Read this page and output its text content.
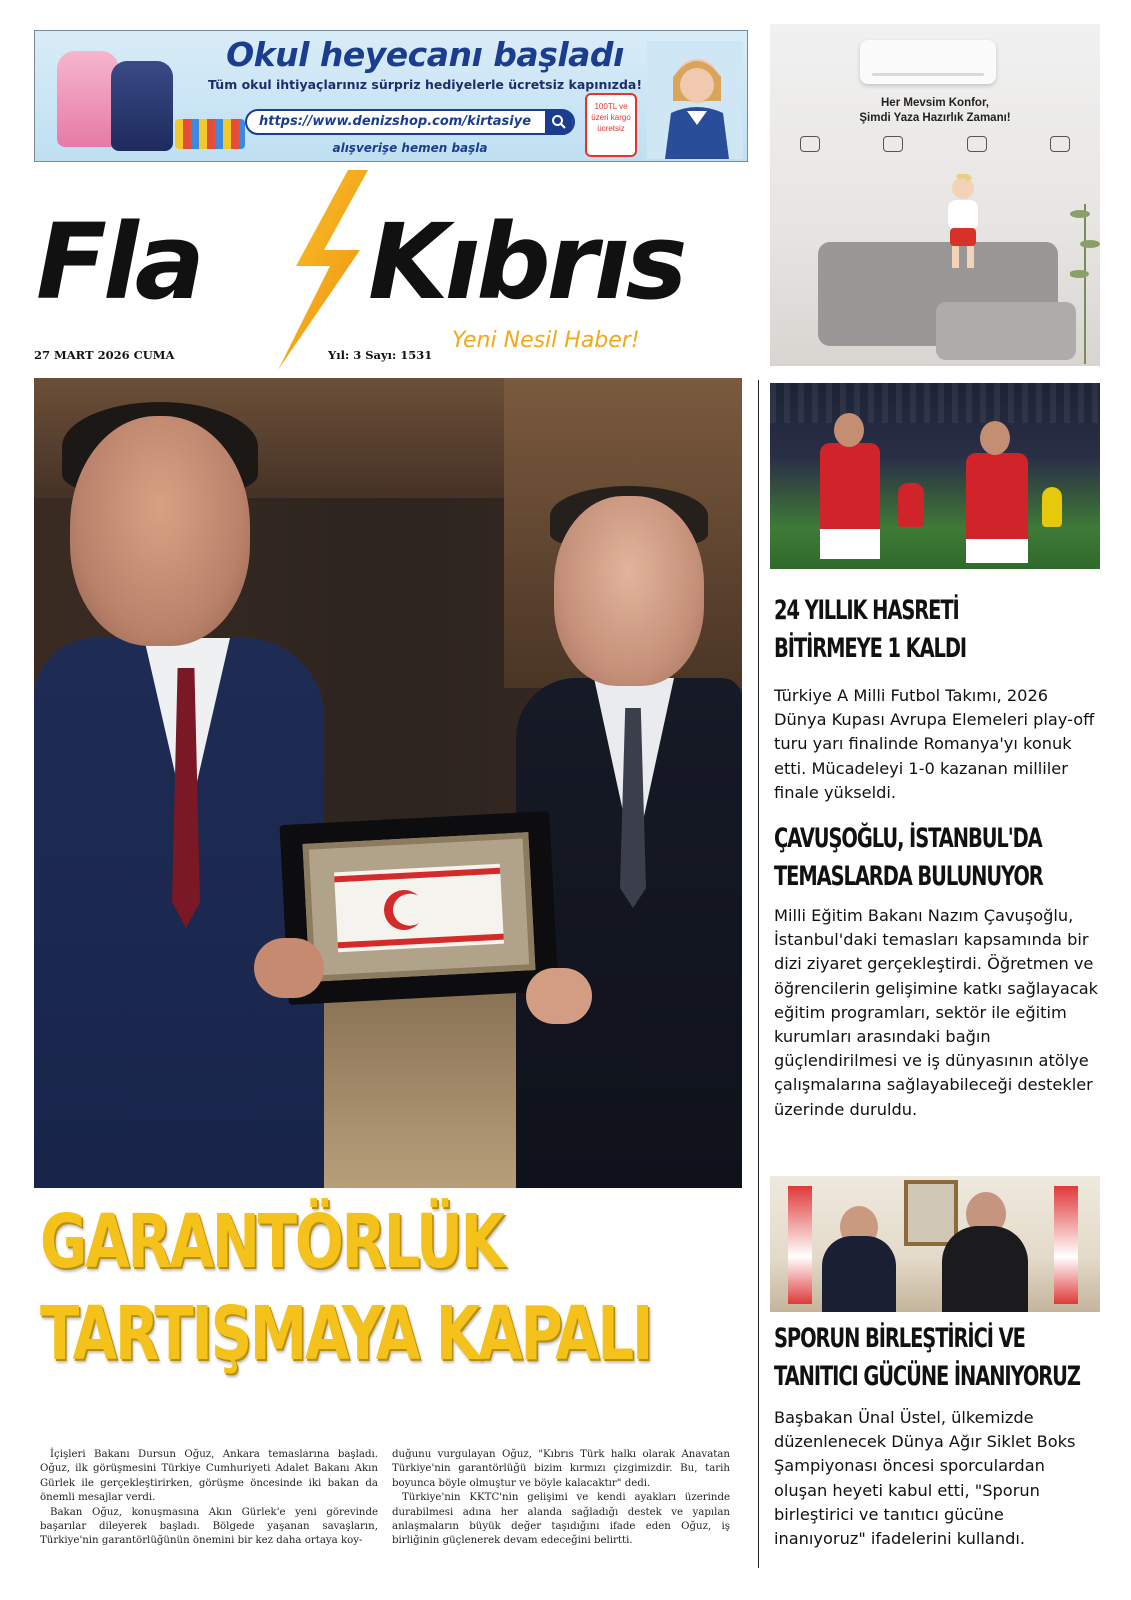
Okul heyecanı başladı
Tüm okul ihtiyaçlarınız sürpriz hediyelerle ücretsiz kapınızda!
https://www.denizshop.com/kirtasiye
alışverişe hemen başla
100TL ve üzeri kargo ücretsiz
Her Mevsim Konfor,
Şimdi Yaza Hazırlık Zamanı!
Fla Kıbrıs
Yeni Nesil Haber!
27 MART 2026 CUMA	Yıl: 3 Sayı: 1531
GARANTÖRLÜK
TARTIŞMAYA KAPALI

İçişleri Bakanı Dursun Oğuz, Ankara temaslarına başladı. Oğuz, ilk görüşmesini Türkiye Cumhuriyeti Adalet Bakanı Akın Gürlek ile gerçekleştirirken, görüşme öncesinde iki bakan da önemli mesajlar verdi.

Bakan Oğuz, konuşmasına Akın Gürlek'e yeni görevinde başarılar dileyerek başladı. Bölgede yaşanan savaşların, Türkiye'nin garantörlüğünün önemini bir kez daha ortaya koy-

duğunu vurgulayan Oğuz, "Kıbrıs Türk halkı olarak Anavatan Türkiye'nin garantörlüğü bizim kırmızı çizgimizdir. Bu, tarih boyunca böyle olmuştur ve böyle kalacaktır" dedi.

Türkiye'nin KKTC'nin gelişimi ve kendi ayakları üzerinde durabilmesi adına her alanda sağladığı destek ve yapılan anlaşmaların büyük değer taşıdığını ifade eden Oğuz, iş birliğinin güçlenerek devam edeceğini belirtti.

24 YILLIK HASRETİ
BİTİRMEYE 1 KALDI
Türkiye A Milli Futbol Takımı, 2026 Dünya Kupası Avrupa Elemeleri play-off turu yarı finalinde Romanya'yı konuk etti. Mücadeleyi 1-0 kazanan milliler finale yükseldi.
ÇAVUŞOĞLU, İSTANBUL'DA
TEMASLARDA BULUNUYOR
Milli Eğitim Bakanı Nazım Çavuşoğlu, İstanbul'daki temasları kapsamında bir dizi ziyaret gerçekleştirdi. Öğretmen ve öğrencilerin gelişimine katkı sağlayacak eğitim programları, sektör ile eğitim kurumları arasındaki bağın güçlendirilmesi ve iş dünyasının atölye çalışmalarına sağlayabileceği destekler üzerinde duruldu.
SPORUN BİRLEŞTİRİCİ VE
TANITICI GÜCÜNE İNANIYORUZ
Başbakan Ünal Üstel, ülkemizde düzenlenecek Dünya Ağır Siklet Boks Şampiyonası öncesi sporculardan oluşan heyeti kabul etti, "Sporun birleştirici ve tanıtıcı gücüne inanıyoruz" ifadelerini kullandı.
